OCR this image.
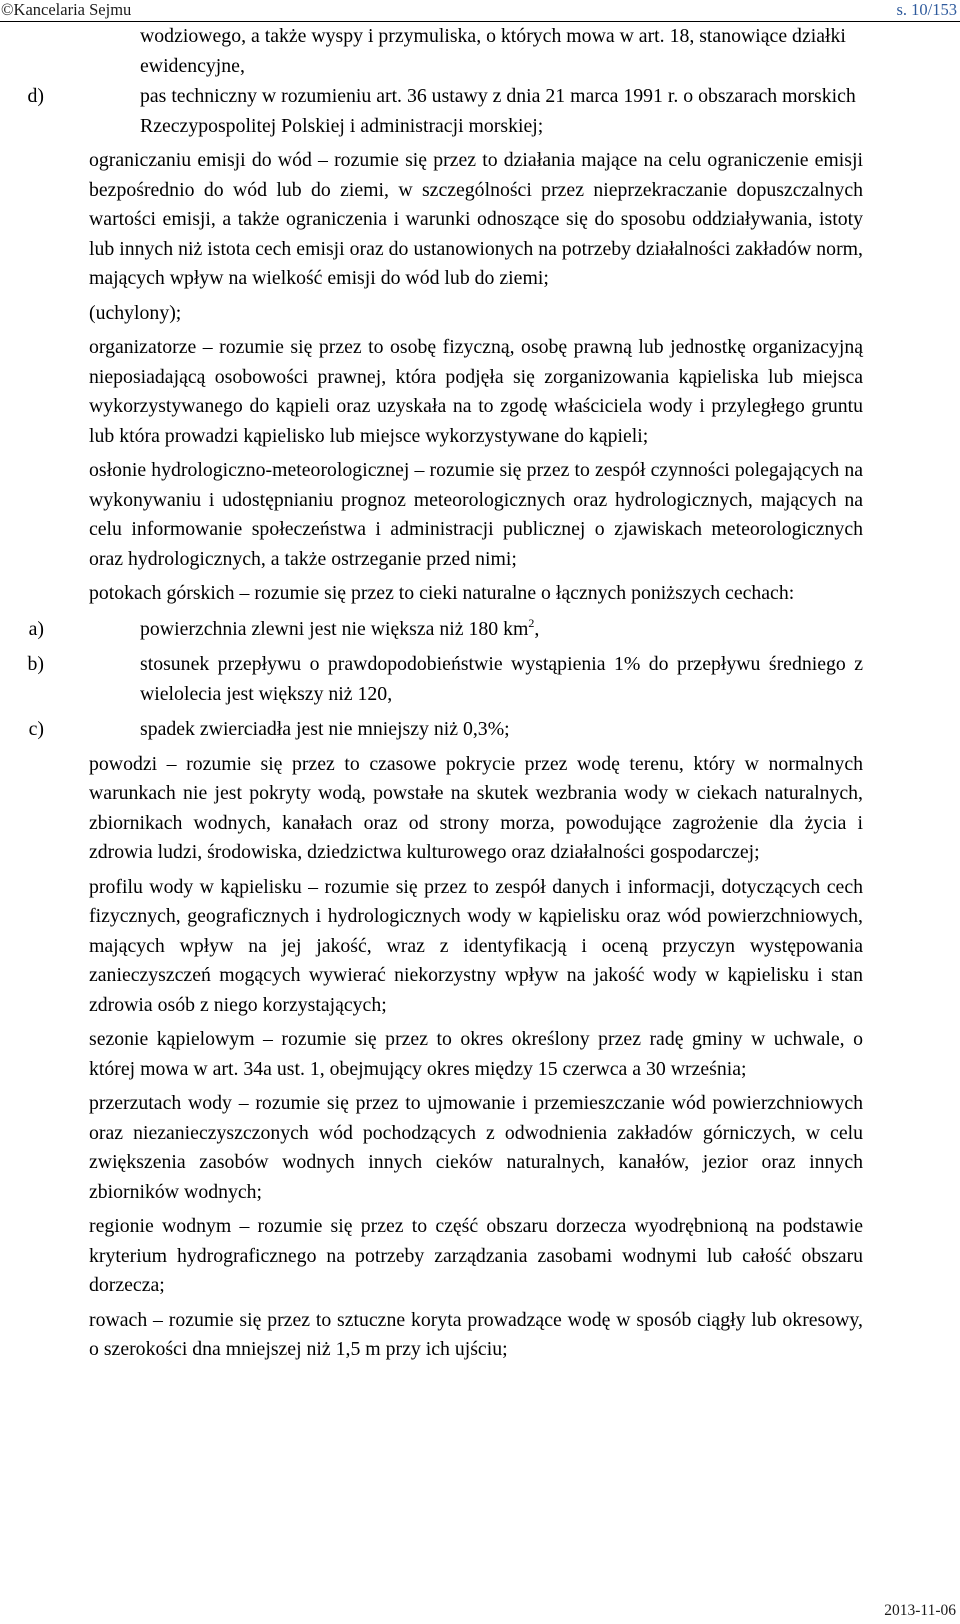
©Kancelaria Sejmu	s. 10/153
wodziowego, a także wyspy i przymuliska, o których mowa w art. 18, stanowiące działki ewidencyjne,
d)	pas techniczny w rozumieniu art. 36 ustawy z dnia 21 marca 1991 r. o obszarach morskich Rzeczypospolitej Polskiej i administracji morskiej;
ograniczaniu emisji do wód – rozumie się przez to działania mające na celu ograniczenie emisji bezpośrednio do wód lub do ziemi, w szczególności przez nieprzekraczanie dopuszczalnych wartości emisji, a także ograniczenia i warunki odnoszące się do sposobu oddziaływania, istoty lub innych niż istota cech emisji oraz do ustanowionych na potrzeby działalności zakładów norm, mających wpływ na wielkość emisji do wód lub do ziemi;
(uchylony);
organizatorze – rozumie się przez to osobę fizyczną, osobę prawną lub jednostkę organizacyjną nieposiadającą osobowości prawnej, która podjęła się zorganizowania kąpieliska lub miejsca wykorzystywanego do kąpieli oraz uzyskała na to zgodę właściciela wody i przyległego gruntu lub która prowadzi kąpielisko lub miejsce wykorzystywane do kąpieli;
osłonie hydrologiczno-meteorologicznej – rozumie się przez to zespół czynności polegających na wykonywaniu i udostępnianiu prognoz meteorologicznych oraz hydrologicznych, mających na celu informowanie społeczeństwa i administracji publicznej o zjawiskach meteorologicznych oraz hydrologicznych, a także ostrzeganie przed nimi;
potokach górskich – rozumie się przez to cieki naturalne o łącznych poniższych cechach:
a)	powierzchnia zlewni jest nie większa niż 180 $km^2$,
b)	stosunek przepływu o prawdopodobieństwie wystąpienia 1% do przepływu średniego z wielolecia jest większy niż 120,
c)	spadek zwierciadła jest nie mniejszy niż 0,3%;
powodzi – rozumie się przez to czasowe pokrycie przez wodę terenu, który w normalnych warunkach nie jest pokryty wodą, powstałe na skutek wezbrania wody w ciekach naturalnych, zbiornikach wodnych, kanałach oraz od strony morza, powodujące zagrożenie dla życia i zdrowia ludzi, środowiska, dziedzictwa kulturowego oraz działalności gospodarczej;
profilu wody w kąpielisku – rozumie się przez to zespół danych i informacji, dotyczących cech fizycznych, geograficznych i hydrologicznych wody w kąpielisku oraz wód powierzchniowych, mających wpływ na jej jakość, wraz z identyfikacją i oceną przyczyn występowania zanieczyszczeń mogących wywierać niekorzystny wpływ na jakość wody w kąpielisku i stan zdrowia osób z niego korzystających;
sezonie kąpielowym – rozumie się przez to okres określony przez radę gminy w uchwale, o której mowa w art. 34a ust. 1, obejmujący okres między 15 czerwca a 30 września;
przerzutach wody – rozumie się przez to ujmowanie i przemieszczanie wód powierzchniowych oraz niezanieczyszczonych wód pochodzących z odwodnienia zakładów górniczych, w celu zwiększenia zasobów wodnych innych cieków naturalnych, kanałów, jezior oraz innych zbiorników wodnych;
regionie wodnym – rozumie się przez to część obszaru dorzecza wyodrębnioną na podstawie kryterium hydrograficznego na potrzeby zarządzania zasobami wodnymi lub całość obszaru dorzecza;
rowach – rozumie się przez to sztuczne koryta prowadzące wodę w sposób ciągły lub okresowy, o szerokości dna mniejszej niż 1,5 m przy ich ujściu;
2013-11-06
